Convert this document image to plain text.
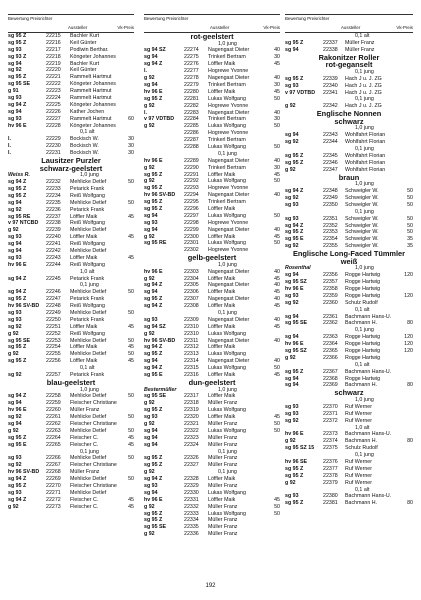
Bewertung Preisrichter
Aussteller	Vk-Preis
sg 95 Z	22215 Bachler Kurt
sg 95 Z	22216 Keil Günter
sg 93	22217 Podlwin Berthar.
sg 93 Z	22218 Köngeter Johannes
sg 94	22219 Bachler Kurt
sg 92	22220 Keil Günter
sg 95 Z	22221 Rammelt Hartmut
sg 95 SE	22222 Köngeter Johannes
g 91	22223 Rammelt Hartmut
sg 93	22224 Rammelt Hartmut
sg 94 Z	22225 Köngeter Johannes
sg 94	22226 Kather Jochen
sg 93	22227 Rammelt Hartmut	60
hv 96 E	22228 Köngeter Johannes
0,1 alt
l.	22229 Bockisch W.	30
l.	22230 Bockisch W.	30
l.	22231 Bockisch W.	30
Lausitzer Purzler
schwarz-geelstert
Weiss R.	1,0 jung
sg 94 Z	22232 Mehlicke Detlef	50
sg 95 Z	22233 Petarick Frank
sg 95 Z	22234 Reiß Wolfgang
sg 94	22235 Mehlicke Detlef	50
sg 92	22236 Petarick Frank
sg 95 RE	22237 Löffler Maik	45
v 97 NTCBD 22238 Reiß Wolfgang
g 92	22239 Mehlicke Detlef
sg 93	22240 Löffler Maik	45
sg 94	22241 Reiß Wolfgang
sg 94	22242 Mehlicke Detlef
sg 93	22243 Löffler Maik	45
hv 96 E	22244 Reiß Wolfgang
1,0 alt
sg 94 Z	22245 Petarick Frank
0,1 jung
sg 94 Z	22246 Mehlicke Detlef	50
sg 95 Z	22247 Petarick Frank
hv 96 SV-BD 22248 Reiß Wolfgang
sg 93	22249 Mehlicke Detlef	50
sg 93	22250 Petarick Frank
sg 92	22251 Löffler Maik	45
g 92	22252 Reiß Wolfgang
sg 95 SE	22253 Mehlicke Detlef	50
sg 95 Z	22254 Löffler Maik	45
g 92	22255 Mehlicke Detlef	50
sg 95 Z	22256 Löffler Maik	45
0,1 alt
sg 92	22257 Petarick Frank
blau-geelstert
1,0 jung
sg 94 Z	22258 Mehlicke Detlef	50
sg 94	22259 Fleischer Christiane
hv 96 E	22260 Müller Franz
sg 92	22261 Mehlicke Detlef	50
sg 94	22262 Fleischer Christiane
g 92	22263 Mehlicke Detlef	50
sg 95 Z	22264 Fleischer C.	45
sg 95 E	22265 Fleischer C.	45
0,1 jung
sg 93	22266 Mehlicke Detlef	50
sg 92	22267 Fleischer Christiane
hv 96 SV-BD 22268 Müller Franz
sg 94 Z	22269 Mehlicke Detlef	50
sg 95 Z	22270 Fleischer Christiane
sg 93	22271 Mehlicke Detlef
sg 94 Z	22272 Fleischer C.	45
g 92	22273 Fleischer C.	45
Bewertung Preisrichter
Aussteller	Vk-Preis
rot-geelstert
1,0 jung
sg 94 SZ	22274 Nagengast Dieter	40
sg 94	22275 Trinkerl Bertram	30
sg 94 Z	22276 Löffler Maik	45
l.	22277 Hogrewe Yvonne
g 92	22278 Nagengast Dieter	40
sg 94	22279 Trinkerl Bertram	30
hv 96 E	22280 Löffler Maik	45
sg 95 Z	22281 Lukas Wolfgang	50
g 92	22282 Hogrewe Yvonne
l.	22283 Nagengast Dieter	40
v 97 VDTBD 22284 Trinkerl Bertram	30
g 92	22285 Lukas Wolfgang	50
22286 Hogrewe Yvonne
22287 Trinkerl Bertram
22288 Lukas Wolfgang	50
0,1 jung
hv 96 E	22289 Nagengast Dieter	40
g 92	22290 Trinkerl Bertram	30
sg 95 Z	22291 Löffler Maik	45
g 92	22292 Lukas Wolfgang	50
sg 95 Z	22293 Hogrewe Yvonne
hv 96 SV-BD 22294 Nagengast Dieter	40
sg 95 Z	22295 Trinkerl Bertram
sg 95 Z	22296 Löffler Maik
sg 94	22297 Lukas Wolfgang	50
sg 93	22298 Hogrewe Yvonne
sg 94	22299 Nagengast Dieter	40
g 92	22300 Löffler Maik	45
sg 95 RE	22301 Lukas Wolfgang	50
22302 Hogrewe Yvonne
gelb-geelstert
1,0 jung
hv 96 E	22303 Nagengast Dieter	40
g 92	22304 Löffler Maik	45
sg 94 Z	22305 Nagengast Dieter	40
sg 94	22306 Löffler Maik	45
sg 95 Z	22307 Nagengast Dieter	40
sg 94 Z	22308 Löffler Maik	45
0,1 jung
sg 93	22309 Nagengast Dieter	40
sg 94 SZ	22310 Löffler Maik	45
g 92	22310 Lukas Wolfgang
hv 96 SV-BD 22311 Nagengast Dieter	40
sg 94 Z	22312 Löffler Maik
sg 95 Z	22313 Lukas Wolfgang
sg 94	22314 Nagengast Dieter	40
sg 94 Z	22315 Lukas Wolfgang	50
sg 95 E	22316 Löffler Maik	45
dun-geelstert
Bestermüller	1,0 jung
sg 95 SE	22317 Löffler Maik
g 92	22318 Müller Franz
sg 95 Z	22319 Lukas Wolfgang
sg 93	22320 Löffler Maik	45
g 92	22321 Müller Franz	50
sg 94	22322 Lukas Wolfgang	50
sg 94	22323 Müller Franz
sg 94	22324 Müller Franz
0,1 jung
sg 95 Z	22326 Müller Franz
sg 95 Z	22327 Müller Franz
g 92	0,1 jung
sg 94 Z	22328 Löffler Maik
sg 93	22329 Müller Franz
sg 94	22330 Lukas Wolfgang
hv 96 E	22331 Löffler Maik	45
g 92	22332 Müller Franz	50
sg 95 Z	22333 Lukas Wolfgang	50
sg 95 Z	22334 Müller Franz
sg 95 SE	22335 Müller Franz
g 92	22336 Müller Franz
Bewertung Preisrichter
Aussteller	Vk-Preis
0,1 alt
sg 95 Z	22337 Müller Franz
sg 94	22338 Müller Franz
Rakonitzer Roller
rot-geganselt
0,1 jung
sg 95 Z	22339 Hach J u. J. ZG
sg 93	22340 Hach J u. J. ZG
v 97 VDTBD 22341 Hach J u. J. ZG
0,1 jung
g 92	22342 Hach J u. J. ZG
Englische Nonnen
schwarz
1,0 jung
sg 94	22343 Wohlfahrt Florian
sg 92	22344 Wohlfahrt Florian
0,1 jung
sg 95 Z	22345 Wohlfahrt Florian
sg 95 Z	22346 Wohlfahrt Florian
g 92	22347 Wohlfahrt Florian
braun
1,0 jung
sg 94 Z	22348 Schweigler W.	50
sg 92	22349 Schweigler W.	50
sg 93	22350 Schweigler W.	50
0,1 jung
sg 93	22351 Schweigler W.	50
sg 94 Z	22352 Schweigler W.	50
sg 95 Z	22353 Schweigler W.	50
sg 95 E	22354 Schweigler W.	35
sg 92	22355 Schweigler W.	35
Englische Long-Faced Tümmler
weiß
Rosenthal	1,0 jung
sg 94	22356 Rogge Hartwig	120
sg 95 SZ	22357 Rogge Hartwig
hv 96 E	22358 Rogge Hartwig
sg 93	22359 Rogge Hartwig	120
sg 92	22360 Schulz Rudolf
0,1 alt
sg 94	22361 Bachmann Hans-U.
sg 95 SE	22362 Bachmann H.	80
0,1 jung
sg 94	22363 Rogge Hartwig	120
hv 96 E	22364 Rogge Hartwig	120
sg 95 SZ	22365 Rogge Hartwig	120
g 92	22366 Rogge Hartwig
0,1 alt
sg 95 Z	22367 Bachmann Hans-U.
sg 94	22368 Rogge Hartwig
sg 94	22369 Bachmann H.	80
schwarz
1,0 jung
sg 93	22370 Ruf Werner
sg 93	22371 Ruf Werner
sg 92	22372 Ruf Werner
1,0 alt
hv 96 E	22373 Bachmann Hans-U.
g 92	22374 Bachmann H.	80
sg 95 SZ 15 22375 Schulz Rudolf
0,1 jung
hv 96 SE	22376 Ruf Werner
sg 95 Z	22377 Ruf Werner
sg 95 Z	22378 Ruf Werner
g 92	22379 Ruf Werner
0,1 alt
sg 93	22380 Bachmann Hans-U.
sg 95 Z	22381 Bachmann H.	80
192
